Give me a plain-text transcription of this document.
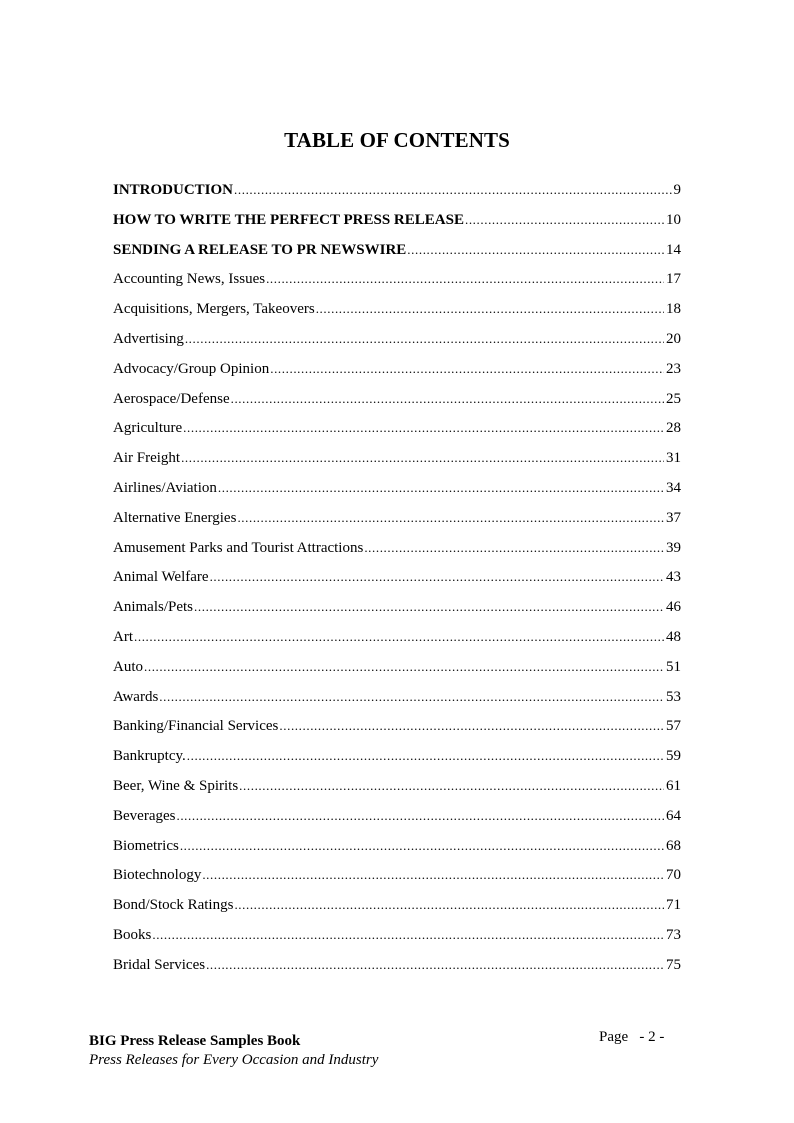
TABLE OF CONTENTS
INTRODUCTION .....	9
HOW TO WRITE THE PERFECT PRESS RELEASE .....	10
SENDING A RELEASE TO PR NEWSWIRE .....	14
Accounting News, Issues .....	17
Acquisitions, Mergers, Takeovers .....	18
Advertising .....	20
Advocacy/Group Opinion .....	23
Aerospace/Defense .....	25
Agriculture .....	28
Air Freight .....	31
Airlines/Aviation .....	34
Alternative Energies .....	37
Amusement Parks and Tourist Attractions .....	39
Animal Welfare .....	43
Animals/Pets .....	46
Art .....	48
Auto .....	51
Awards .....	53
Banking/Financial Services .....	57
Bankruptcy. .....	59
Beer, Wine & Spirits .....	61
Beverages .....	64
Biometrics .....	68
Biotechnology .....	70
Bond/Stock Ratings .....	71
Books .....	73
Bridal Services .....	75
BIG Press Release Samples Book
Press Releases for Every Occasion and Industry
Page - 2 -
